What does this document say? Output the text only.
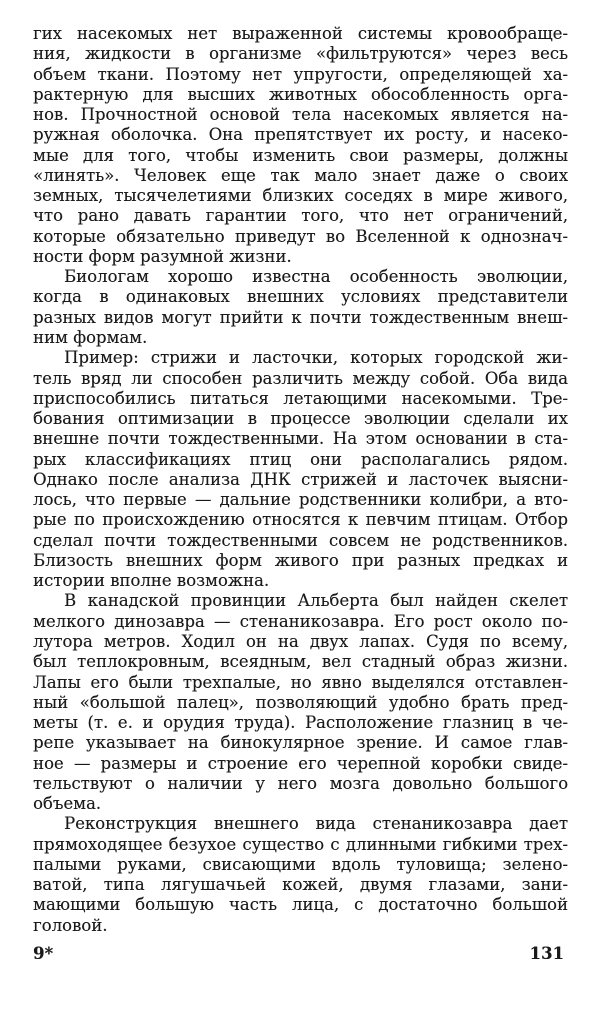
гих насекомых нет выраженной системы кровообраще-
ния, жидкости в организме «фильтруются» через весь
объем ткани. Поэтому нет упругости, определяющей ха-
рактерную для высших животных обособленность орга-
нов. Прочностной основой тела насекомых является на-
ружная оболочка. Она препятствует их росту, и насеко-
мые для того, чтобы изменить свои размеры, должны
«линять». Человек еще так мало знает даже о своих
земных, тысячелетиями близких соседях в мире живого,
что рано давать гарантии того, что нет ограничений,
которые обязательно приведут во Вселенной к однознач-
ности форм разумной жизни.
Биологам хорошо известна особенность эволюции,
когда в одинаковых внешних условиях представители
разных видов могут прийти к почти тождественным внеш-
ним формам.
Пример: стрижи и ласточки, которых городской жи-
тель вряд ли способен различить между собой. Оба вида
приспособились питаться летающими насекомыми. Тре-
бования оптимизации в процессе эволюции сделали их
внешне почти тождественными. На этом основании в ста-
рых классификациях птиц они располагались рядом.
Однако после анализа ДНК стрижей и ласточек выясни-
лось, что первые — дальние родственники колибри, а вто-
рые по происхождению относятся к певчим птицам. Отбор
сделал почти тождественными совсем не родственников.
Близость внешних форм живого при разных предках и
истории вполне возможна.
В канадской провинции Альберта был найден скелет
мелкого динозавра — стенаникозавра. Его рост около по-
лутора метров. Ходил он на двух лапах. Судя по всему,
был теплокровным, всеядным, вел стадный образ жизни.
Лапы его были трехпалые, но явно выделялся отставлен-
ный «большой палец», позволяющий удобно брать пред-
меты (т. е. и орудия труда). Расположение глазниц в че-
репе указывает на бинокулярное зрение. И самое глав-
ное — размеры и строение его черепной коробки свиде-
тельствуют о наличии у него мозга довольно большого
объема.
Реконструкция внешнего вида стенаникозавра дает
прямоходящее безухое существо с длинными гибкими трех-
палыми руками, свисающими вдоль туловища; зелено-
ватой, типа лягушачьей кожей, двумя глазами, зани-
мающими большую часть лица, с достаточно большой
головой.
9*	131
